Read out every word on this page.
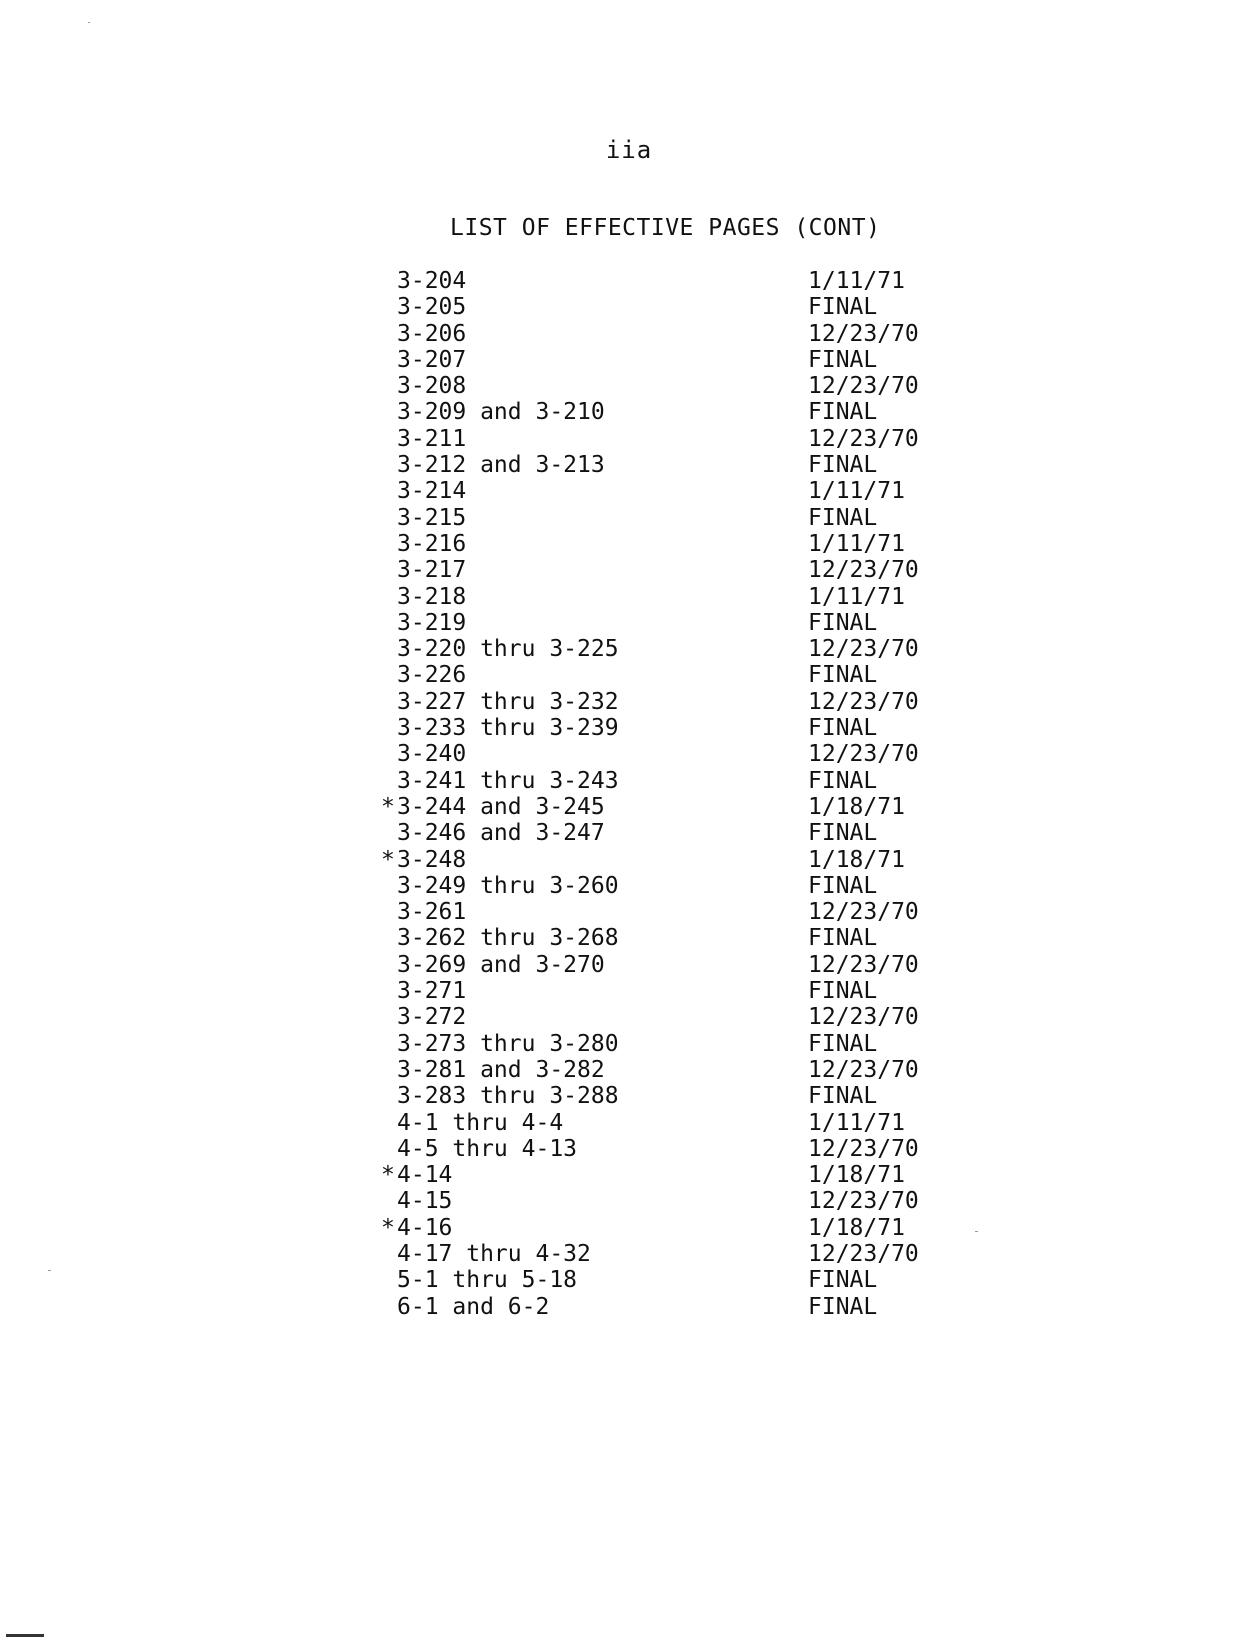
iia
LIST OF EFFECTIVE PAGES (CONT)
3-204	1/11/71
3-205	FINAL
3-206	12/23/70
3-207	FINAL
3-208	12/23/70
3-209 and 3-210	FINAL
3-211	12/23/70
3-212 and 3-213	FINAL
3-214	1/11/71
3-215	FINAL
3-216	1/11/71
3-217	12/23/70
3-218	1/11/71
3-219	FINAL
3-220 thru 3-225	12/23/70
3-226	FINAL
3-227 thru 3-232	12/23/70
3-233 thru 3-239	FINAL
3-240	12/23/70
3-241 thru 3-243	FINAL
* 3-244 and 3-245	1/18/71
3-246 and 3-247	FINAL
* 3-248	1/18/71
3-249 thru 3-260	FINAL
3-261	12/23/70
3-262 thru 3-268	FINAL
3-269 and 3-270	12/23/70
3-271	FINAL
3-272	12/23/70
3-273 thru 3-280	FINAL
3-281 and 3-282	12/23/70
3-283 thru 3-288	FINAL
4-1 thru 4-4	1/11/71
4-5 thru 4-13	12/23/70
* 4-14	1/18/71
4-15	12/23/70
* 4-16	1/18/71
4-17 thru 4-32	12/23/70
5-1 thru 5-18	FINAL
6-1 and 6-2	FINAL
